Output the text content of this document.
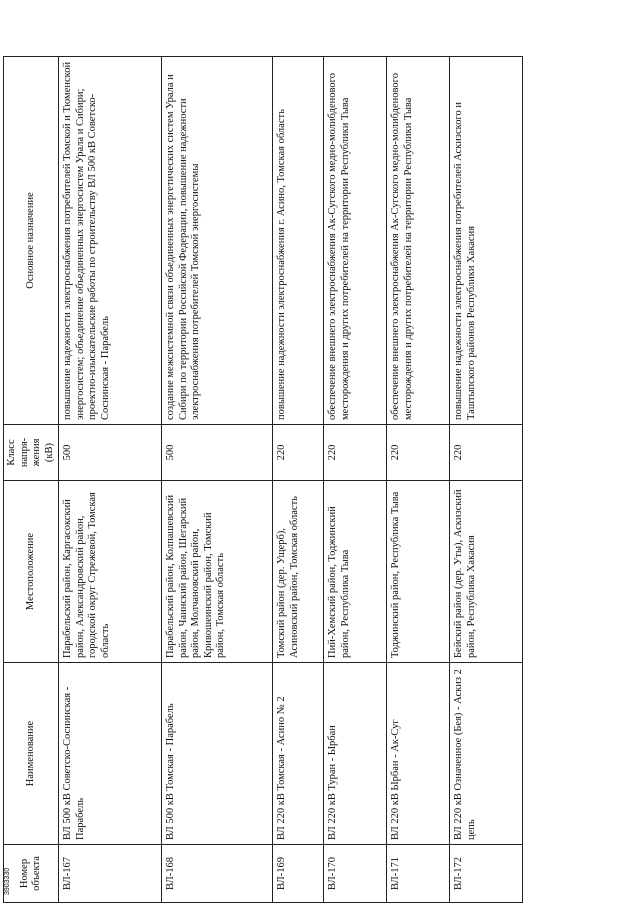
Номер объекта	Наименование	Местоположение	Класс напря-жения (кВ)	Основное назначение
ВЛ-167	ВЛ 500 кВ Советско-Соснинская - Парабель	Парабельский район, Каргасокский район, Александровский район, городской округ Стрежевой, Томская область	500	повышение надежности электроснабжения потребителей Томской и Тюменской энергосистем; объединение объединенных энергосистем Урала и Сибири; проектно-изыскательские работы по строительству ВЛ 500 кВ Советско-Соснинская - Парабель
ВЛ-168	ВЛ 500 кВ Томская - Парабель	Парабельский район, Колпашевский район, Чаинский район, Шегарский район, Молчановский район, Кривошеинский район, Томский район, Томская область	500	создание межсистемной связи объединенных энергетических систем Урала и Сибири по территории Российской Федерации, повышение надежности электроснабжения потребителей Томской энергосистемы
ВЛ-169	ВЛ 220 кВ Томская - Асино № 2	Томский район (дер. Ущерб), Асиновский район, Томская область	220	повышение надежности электроснабжения г. Асино, Томская область
ВЛ-170	ВЛ 220 кВ Туран - Ырбан	Пий-Хемский район, Тоджинский район, Республика Тыва	220	обеспечение внешнего электроснабжения Ак-Сугского медно-молибденового месторождения и других потребителей на территории Республики Тыва
ВЛ-171	ВЛ 220 кВ Ырбан - Ак-Суг	Тоджинский район, Республика Тыва	220	обеспечение внешнего электроснабжения Ак-Сугского медно-молибденового месторождения и других потребителей на территории Республики Тыва
ВЛ-172	ВЛ 220 кВ Означенное (Бея) - Аскиз 2 цепь	Бейский район (дер. Уты), Аскизский район, Республика Хакасия	220	повышение надежности электроснабжения потребителей Аскизского и Таштыпского районов Республики Хакасия
3903330
